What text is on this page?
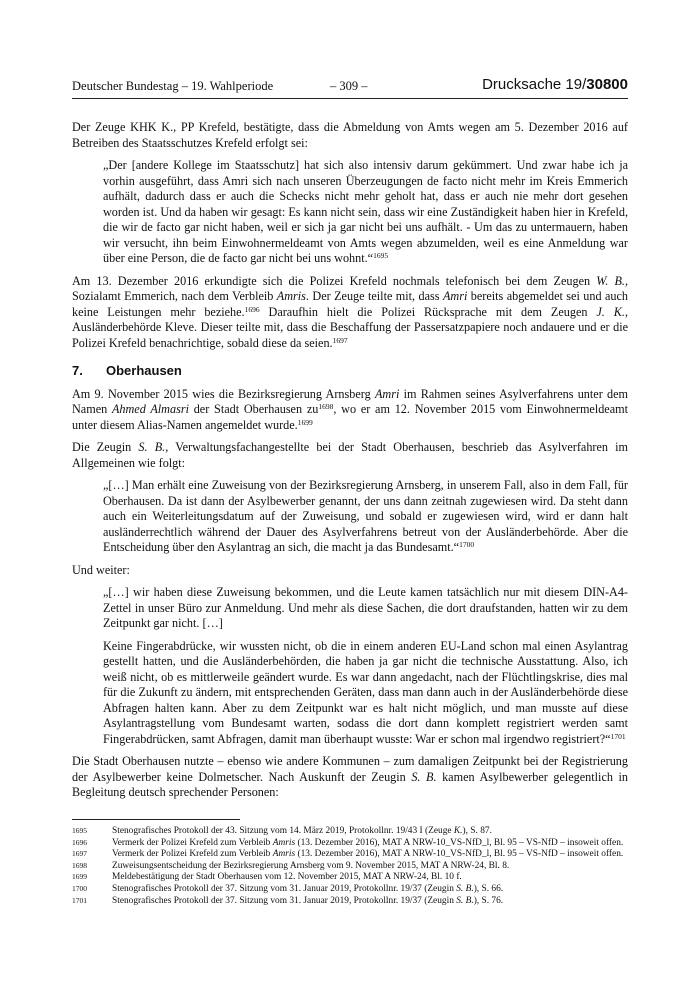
Deutscher Bundestag – 19. Wahlperiode	– 309 –	Drucksache 19/30800

Der Zeuge KHK K., PP Krefeld, bestätigte, dass die Abmeldung von Amts wegen am 5. Dezember 2016 auf Betreiben des Staatsschutzes Krefeld erfolgt sei:

„Der [andere Kollege im Staatsschutz] hat sich also intensiv darum gekümmert. Und zwar habe ich ja vorhin ausgeführt, dass Amri sich nach unseren Überzeugungen de facto nicht mehr im Kreis Emmerich aufhält, dadurch dass er auch die Schecks nicht mehr geholt hat, dass er auch nie mehr dort gesehen worden ist. Und da haben wir gesagt: Es kann nicht sein, dass wir eine Zuständigkeit haben hier in Krefeld, die wir de facto gar nicht haben, weil er sich ja gar nicht bei uns aufhält. - Um das zu untermauern, haben wir versucht, ihn beim Einwohnermeldeamt von Amts wegen abzumelden, weil es eine Anmeldung war über eine Person, die de facto gar nicht bei uns wohnt.“$^{1695}$

Am 13. Dezember 2016 erkundigte sich die Polizei Krefeld nochmals telefonisch bei dem Zeugen W. B., Sozialamt Emmerich, nach dem Verbleib Amris. Der Zeuge teilte mit, dass Amri bereits abgemeldet sei und auch keine Leistungen mehr beziehe.$^{1696}$ Daraufhin hielt die Polizei Rücksprache mit dem Zeugen J. K., Ausländerbehörde Kleve. Dieser teilte mit, dass die Beschaffung der Passersatzpapiere noch andauere und er die Polizei Krefeld benachrichtige, sobald diese da seien.$^{1697}$

7. Oberhausen

Am 9. November 2015 wies die Bezirksregierung Arnsberg Amri im Rahmen seines Asylverfahrens unter dem Namen Ahmed Almasri der Stadt Oberhausen $zu^{1698}$, wo er am 12. November 2015 vom Einwohnermeldeamt unter diesem Alias-Namen angemeldet wurde.$^{1699}$

Die Zeugin S. B., Verwaltungsfachangestellte bei der Stadt Oberhausen, beschrieb das Asylverfahren im Allgemeinen wie folgt:

„[…] Man erhält eine Zuweisung von der Bezirksregierung Arnsberg, in unserem Fall, also in dem Fall, für Oberhausen. Da ist dann der Asylbewerber genannt, der uns dann zeitnah zugewiesen wird. Da steht dann auch ein Weiterleitungsdatum auf der Zuweisung, und sobald er zugewiesen wird, wird er dann halt ausländerrechtlich während der Dauer des Asylverfahrens betreut von der Ausländerbehörde. Aber die Entscheidung über den Asylantrag an sich, die macht ja das Bundesamt.“$^{1700}$

Und weiter:

„[…] wir haben diese Zuweisung bekommen, und die Leute kamen tatsächlich nur mit diesem DIN-A4-Zettel in unser Büro zur Anmeldung. Und mehr als diese Sachen, die dort draufstanden, hatten wir zu dem Zeitpunkt gar nicht. […]

Keine Fingerabdrücke, wir wussten nicht, ob die in einem anderen EU-Land schon mal einen Asylantrag gestellt hatten, und die Ausländerbehörden, die haben ja gar nicht die technische Ausstattung. Also, ich weiß nicht, ob es mittlerweile geändert wurde. Es war dann angedacht, nach der Flüchtlingskrise, dies mal für die Zukunft zu ändern, mit entsprechenden Geräten, dass man dann auch in der Ausländerbehörde diese Abfragen halten kann. Aber zu dem Zeitpunkt war es halt nicht möglich, und man musste auf diese Asylantragstellung vom Bundesamt warten, sodass die dort dann komplett registriert werden samt Fingerabdrücken, samt Abfragen, damit man überhaupt wusste: War er schon mal irgendwo registriert?“$^{1701}$

Die Stadt Oberhausen nutzte – ebenso wie andere Kommunen – zum damaligen Zeitpunkt bei der Registrierung der Asylbewerber keine Dolmetscher. Nach Auskunft der Zeugin S. B. kamen Asylbewerber gelegentlich in Begleitung deutsch sprechender Personen:

1695	Stenografisches Protokoll der 43. Sitzung vom 14. März 2019, Protokollnr. 19/43 I (Zeuge K.), S. 87.
1696	Vermerk der Polizei Krefeld zum Verbleib Amris (13. Dezember 2016), MAT A NRW-10_VS-NfD_l, Bl. 95 – VS-NfD – insoweit offen.
1697	Vermerk der Polizei Krefeld zum Verbleib Amris (13. Dezember 2016), MAT A NRW-10_VS-NfD_l, Bl. 95 – VS-NfD – insoweit offen.
1698	Zuweisungsentscheidung der Bezirksregierung Arnsberg vom 9. November 2015, MAT A NRW-24, Bl. 8.
1699	Meldebestätigung der Stadt Oberhausen vom 12. November 2015, MAT A NRW-24, Bl. 10 f.
1700	Stenografisches Protokoll der 37. Sitzung vom 31. Januar 2019, Protokollnr. 19/37 (Zeugin S. B.), S. 66.
1701	Stenografisches Protokoll der 37. Sitzung vom 31. Januar 2019, Protokollnr. 19/37 (Zeugin S. B.), S. 76.
